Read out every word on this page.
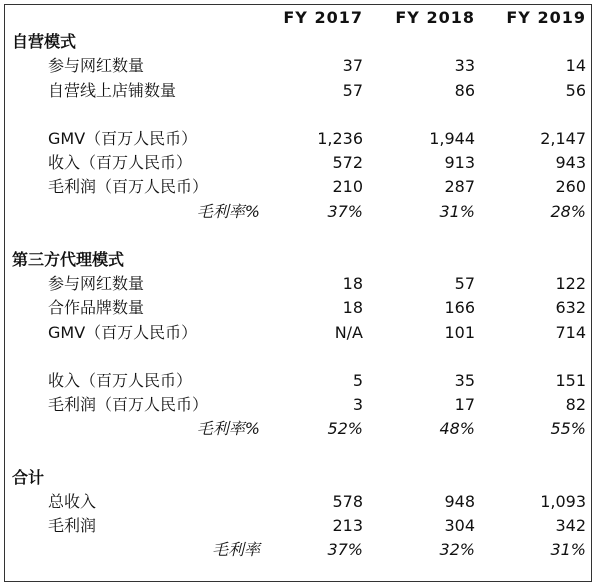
	FY 2017	FY 2018	FY 2019
自营模式			
参与网红数量	37	33	14
自营线上店铺数量	57	86	56

GMV（百万人民币）	1,236	1,944	2,147
收入（百万人民币）	572	913	943
毛利润（百万人民币）	210	287	260
毛利率%	37%	31%	28%

第三方代理模式			
参与网红数量	18	57	122
合作品牌数量	18	166	632
GMV（百万人民币）	N/A	101	714

收入（百万人民币）	5	35	151
毛利润（百万人民币）	3	17	82
毛利率%	52%	48%	55%

合计			
总收入	578	948	1,093
毛利润	213	304	342
毛利率	37%	32%	31%
